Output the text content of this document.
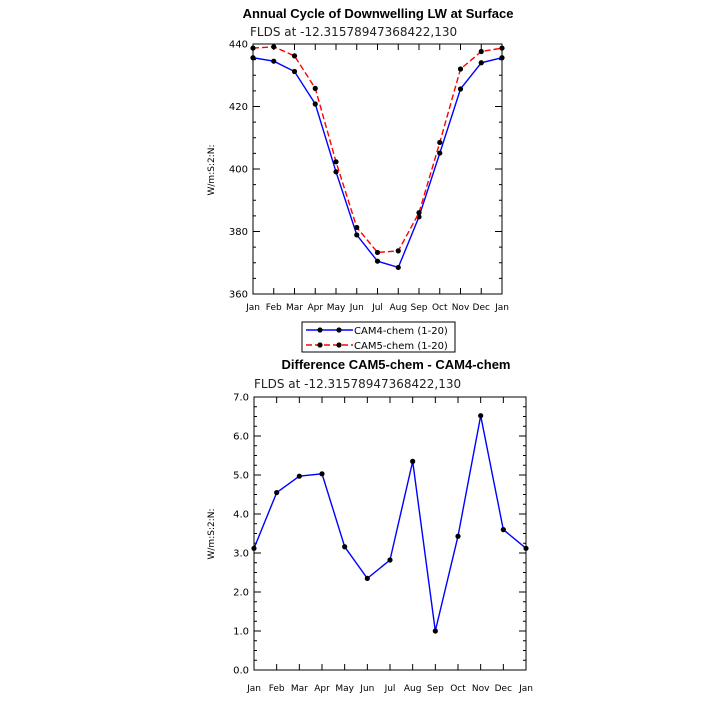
Annual Cycle of Downwelling LW at Surface
FLDS at -12.31578947368422,130
W/m:S:2:N:
Jan Feb Mar Apr May Jun Jul Aug Sep Oct Nov Dec Jan
360
380
400
420
440
CAM4-chem (1-20)
CAM5-chem (1-20)
Difference CAM5-chem - CAM4-chem
FLDS at -12.31578947368422,130
W/m:S:2:N:
Jan Feb Mar Apr May Jun Jul Aug Sep Oct Nov Dec Jan
0.0
1.0
2.0
3.0
4.0
5.0
6.0
7.0
